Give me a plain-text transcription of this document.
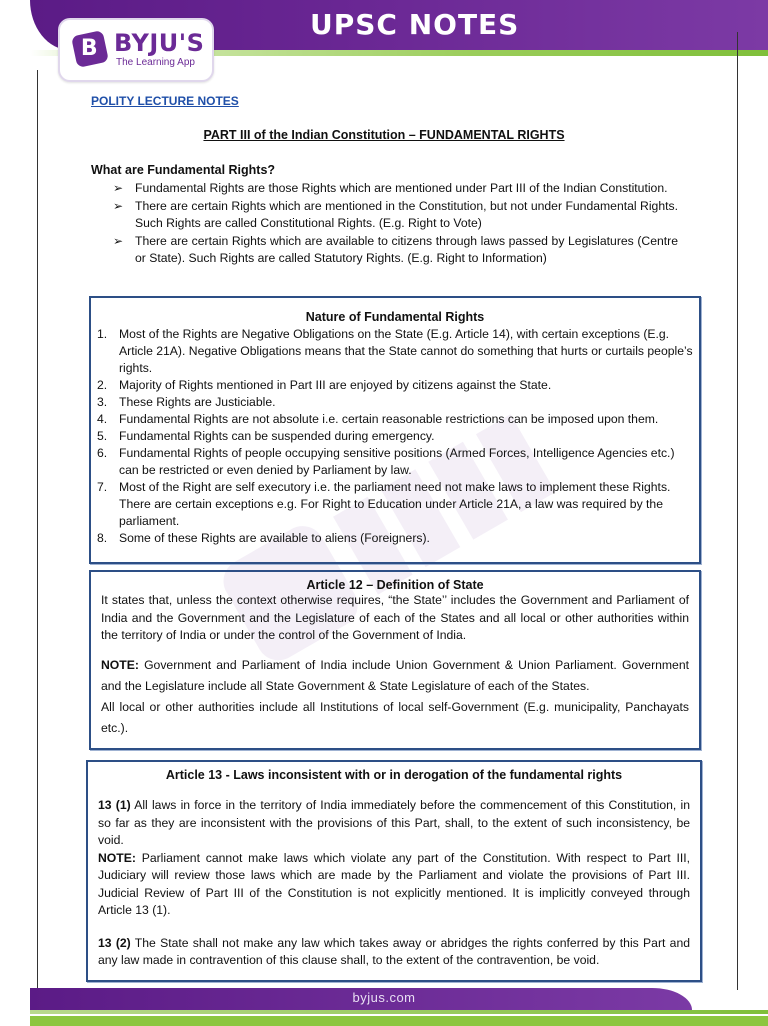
UPSC NOTES
B BYJU'S
The Learning App
POLITY LECTURE NOTES
PART III of the Indian Constitution – FUNDAMENTAL RIGHTS
What are Fundamental Rights?
➢ Fundamental Rights are those Rights which are mentioned under Part III of the Indian Constitution.
➢ There are certain Rights which are mentioned in the Constitution, but not under Fundamental Rights. Such Rights are called Constitutional Rights. (E.g. Right to Vote)
➢ There are certain Rights which are available to citizens through laws passed by Legislatures (Centre or State). Such Rights are called Statutory Rights. (E.g. Right to Information)
Nature of Fundamental Rights
1. Most of the Rights are Negative Obligations on the State (E.g. Article 14), with certain exceptions (E.g. Article 21A). Negative Obligations means that the State cannot do something that hurts or curtails people’s rights.
2. Majority of Rights mentioned in Part III are enjoyed by citizens against the State.
3. These Rights are Justiciable.
4. Fundamental Rights are not absolute i.e. certain reasonable restrictions can be imposed upon them.
5. Fundamental Rights can be suspended during emergency.
6. Fundamental Rights of people occupying sensitive positions (Armed Forces, Intelligence Agencies etc.) can be restricted or even denied by Parliament by law.
7. Most of the Right are self executory i.e. the parliament need not make laws to implement these Rights. There are certain exceptions e.g. For Right to Education under Article 21A, a law was required by the parliament.
8. Some of these Rights are available to aliens (Foreigners).
Article 12 – Definition of State

It states that, unless the context otherwise requires, “the State’’ includes the Government and Parliament of India and the Government and the Legislature of each of the States and all local or other authorities within the territory of India or under the control of the Government of India.

NOTE: Government and Parliament of India include Union Government & Union Parliament. Government and the Legislature include all State Government & State Legislature of each of the States.
All local or other authorities include all Institutions of local self-Government (E.g. municipality, Panchayats etc.).

Article 13 - Laws inconsistent with or in derogation of the fundamental rights

13 (1) All laws in force in the territory of India immediately before the commencement of this Constitution, in so far as they are inconsistent with the provisions of this Part, shall, to the extent of such inconsistency, be void.

NOTE: Parliament cannot make laws which violate any part of the Constitution. With respect to Part III, Judiciary will review those laws which are made by the Parliament and violate the provisions of Part III. Judicial Review of Part III of the Constitution is not explicitly mentioned. It is implicitly conveyed through Article 13 (1).

13 (2) The State shall not make any law which takes away or abridges the rights conferred by this Part and any law made in contravention of this clause shall, to the extent of the contravention, be void.

byjus.com
